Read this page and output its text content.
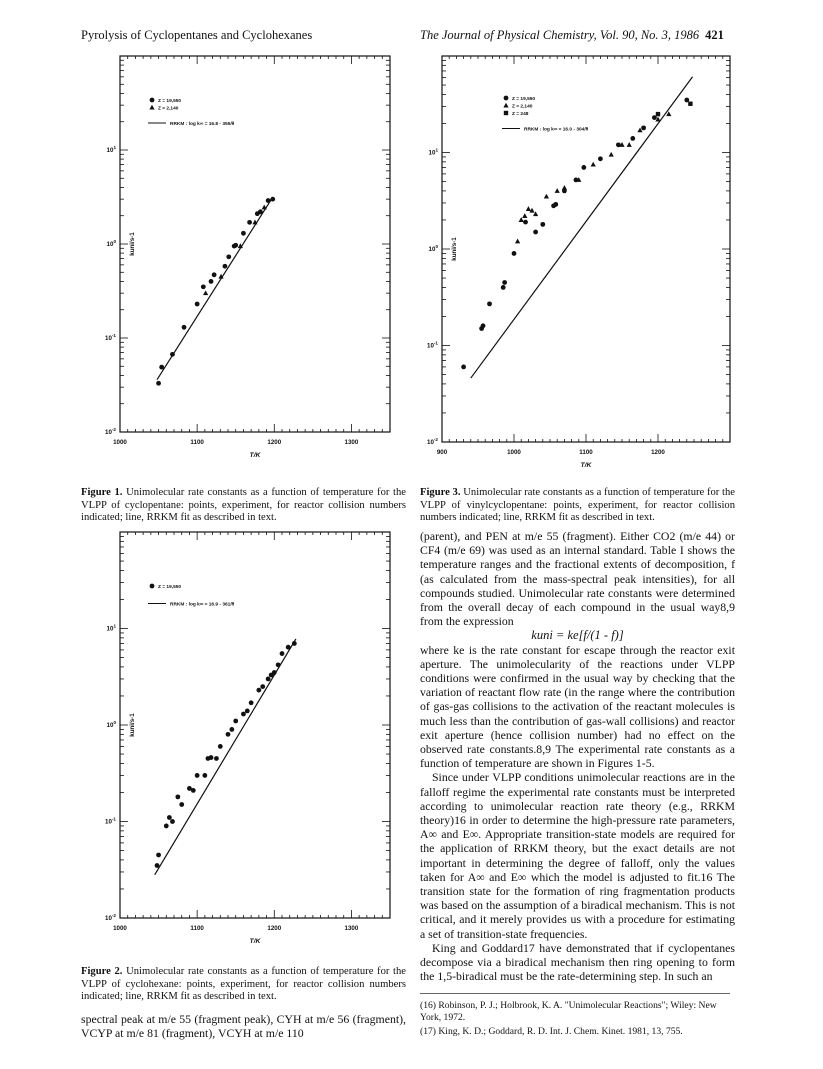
Pyrolysis of Cyclopentanes and Cyclohexanes	The Journal of Physical Chemistry, Vol. 90, No. 3, 1986 421
1000	1100	1200	1300
$10^{-2}$
$10^{-1}$
$10^0$
$10^1$
T/K
kuni/s-1
Z = 19,550
Z = 2,140
RRKM : log k∞ = 16.8 - 355/θ
1000	1100	1200	1300
$10^{-2}$
$10^{-1}$
$10^0$
$10^1$
T/K
kuni/s-1
Z = 19,550
RRKM : log k∞ = 16.9 - 361/θ
900	1000	1100	1200
$10^{-2}$
$10^{-1}$
$10^0$
$10^1$
T/K
kuni/s-1
Z = 19,550
Z = 2,140
Z = 248
RRKM : log k∞ = 16.0 - 304/θ
Figure 1. Unimolecular rate constants as a function of temperature for the VLPP of cyclopentane: points, experiment, for reactor collision numbers indicated; line, RRKM fit as described in text.
Figure 2. Unimolecular rate constants as a function of temperature for the VLPP of cyclohexane: points, experiment, for reactor collision numbers indicated; line, RRKM fit as described in text.
Figure 3. Unimolecular rate constants as a function of temperature for the VLPP of vinylcyclopentane: points, experiment, for reactor collision numbers indicated; line, RRKM fit as described in text.

spectral peak at m/e 55 (fragment peak), CYH at m/e 56 (fragment), VCYP at m/e 81 (fragment), VCYH at m/e 110

(parent), and PEN at m/e 55 (fragment). Either CO2 (m/e 44) or CF4 (m/e 69) was used as an internal standard. Table I shows the temperature ranges and the fractional extents of decomposition, f (as calculated from the mass-spectral peak intensities), for all compounds studied. Unimolecular rate constants were determined from the overall decay of each compound in the usual way8,9 from the expression

kuni = ke[f/(1 - f)]

where ke is the rate constant for escape through the reactor exit aperture. The unimolecularity of the reactions under VLPP conditions were confirmed in the usual way by checking that the variation of reactant flow rate (in the range where the contribution of gas-gas collisions to the activation of the reactant molecules is much less than the contribution of gas-wall collisions) and reactor exit aperture (hence collision number) had no effect on the observed rate constants.8,9 The experimental rate constants as a function of temperature are shown in Figures 1-5.

Since under VLPP conditions unimolecular reactions are in the falloff regime the experimental rate constants must be interpreted according to unimolecular reaction rate theory (e.g., RRKM theory)16 in order to determine the high-pressure rate parameters, A∞ and E∞. Appropriate transition-state models are required for the application of RRKM theory, but the exact details are not important in determining the degree of falloff, only the values taken for A∞ and E∞ which the model is adjusted to fit.16 The transition state for the formation of ring fragmentation products was based on the assumption of a biradical mechanism. This is not critical, and it merely provides us with a procedure for estimating a set of transition-state frequencies.

King and Goddard17 have demonstrated that if cyclopentanes decompose via a biradical mechanism then ring opening to form the 1,5-biradical must be the rate-determining step. In such an

(16) Robinson, P. J.; Holbrook, K. A. "Unimolecular Reactions"; Wiley: New York, 1972.
(17) King, K. D.; Goddard, R. D. Int. J. Chem. Kinet. 1981, 13, 755.
